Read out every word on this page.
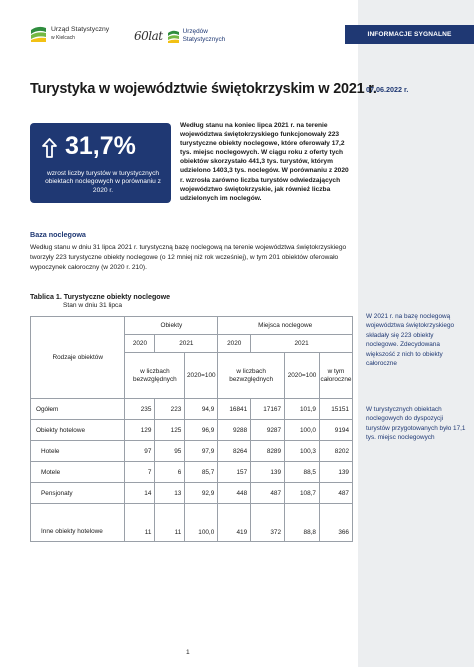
Urząd Statystyczny
w Kielcach	60lat	Urzędów
Statystycznych
INFORMACJE SYGNALNE
Turystyka w województwie świętokrzyskim w 2021 r.
07.06.2022 r.
31,7%
wzrost liczby turystów w turystycznych obiektach noclegowych w porównaniu z 2020 r.

Według stanu na koniec lipca 2021 r. na terenie województwa świętokrzyskiego funkcjonowały 223 turystyczne obiekty noclegowe, które oferowały 17,2 tys. miejsc noclegowych. W ciągu roku z oferty tych obiektów skorzystało 441,3 tys. turystów, którym udzielono 1403,3 tys. noclegów. W porównaniu z 2020 r. wzrosła zarówno liczba turystów odwiedzających województwo świętokrzyskie, jak również liczba udzielonych im noclegów.

Baza noclegowa

Według stanu w dniu 31 lipca 2021 r. turystyczną bazę noclegową na terenie województwa świętokrzyskiego tworzyły 223 turystyczne obiekty noclegowe (o 12 mniej niż rok wcześniej), w tym 201 obiektów oferowało wypoczynek całoroczny (w 2020 r. 210).

Tablica 1. Turystyczne obiekty noclegowe
Stan w dniu 31 lipca
Rodzaje obiektów	Obiekty			Miejsca noclegowe			
	2020	2021		2020	2021		
	w liczbach bezwzględnych		2020=100	w liczbach bezwzględnych		2020=100	w tym całoroczne
Ogółem	235	223	94,9	16841	17167	101,9	15151
Obiekty hotelowe	129	125	96,9	9288	9287	100,0	9194
Hotele	97	95	97,9	8264	8289	100,3	8202
Motele	7	6	85,7	157	139	88,5	139
Pensjonaty	14	13	92,9	448	487	108,7	487
Inne obiekty hotelowe	11	11	100,0	419	372	88,8	366

W 2021 r. na bazę noclegową województwa świętokrzyskiego składały się 223 obiekty noclegowe. Zdecydowana większość z nich to obiekty całoroczne

W turystycznych obiektach noclegowych do dyspozycji turystów przygotowanych było 17,1 tys. miejsc noclegowych

1
